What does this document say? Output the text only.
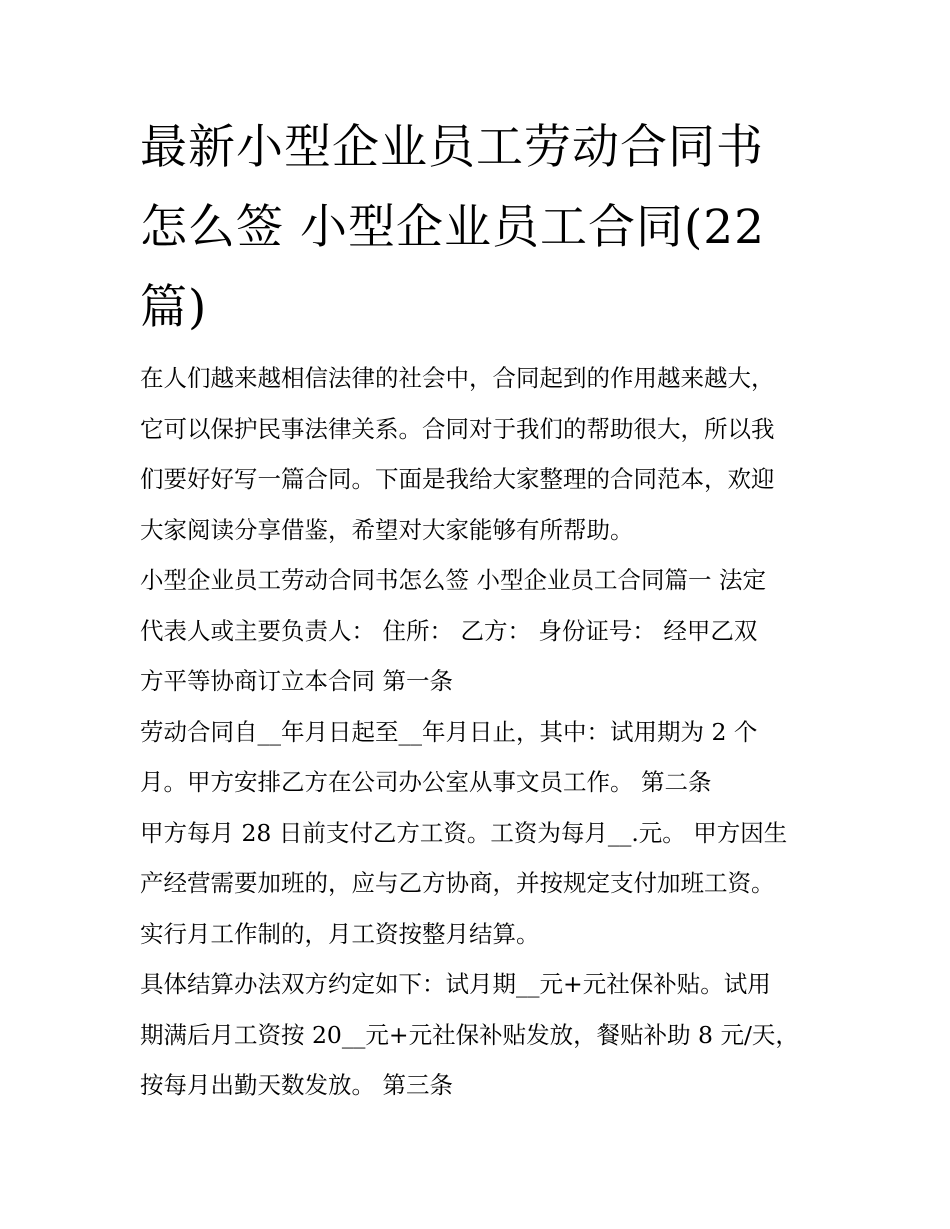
最新小型企业员工劳动合同书
怎么签 小型企业员工合同(22
篇)
在人们越来越相信法律的社会中，合同起到的作用越来越大，
它可以保护民事法律关系。合同对于我们的帮助很大，所以我
们要好好写一篇合同。下面是我给大家整理的合同范本，欢迎
大家阅读分享借鉴，希望对大家能够有所帮助。
小型企业员工劳动合同书怎么签 小型企业员工合同篇一 法定
代表人或主要负责人： 住所： 乙方： 身份证号： 经甲乙双
方平等协商订立本合同 第一条
劳动合同自__年月日起至__年月日止，其中：试用期为 2 个
月。甲方安排乙方在公司办公室从事文员工作。 第二条
甲方每月 28 日前支付乙方工资。工资为每月__.元。 甲方因生
产经营需要加班的，应与乙方协商，并按规定支付加班工资。
实行月工作制的，月工资按整月结算。
具体结算办法双方约定如下：试月期__元+元社保补贴。试用
期满后月工资按 20__元+元社保补贴发放，餐贴补助 8 元/天，
按每月出勤天数发放。 第三条
